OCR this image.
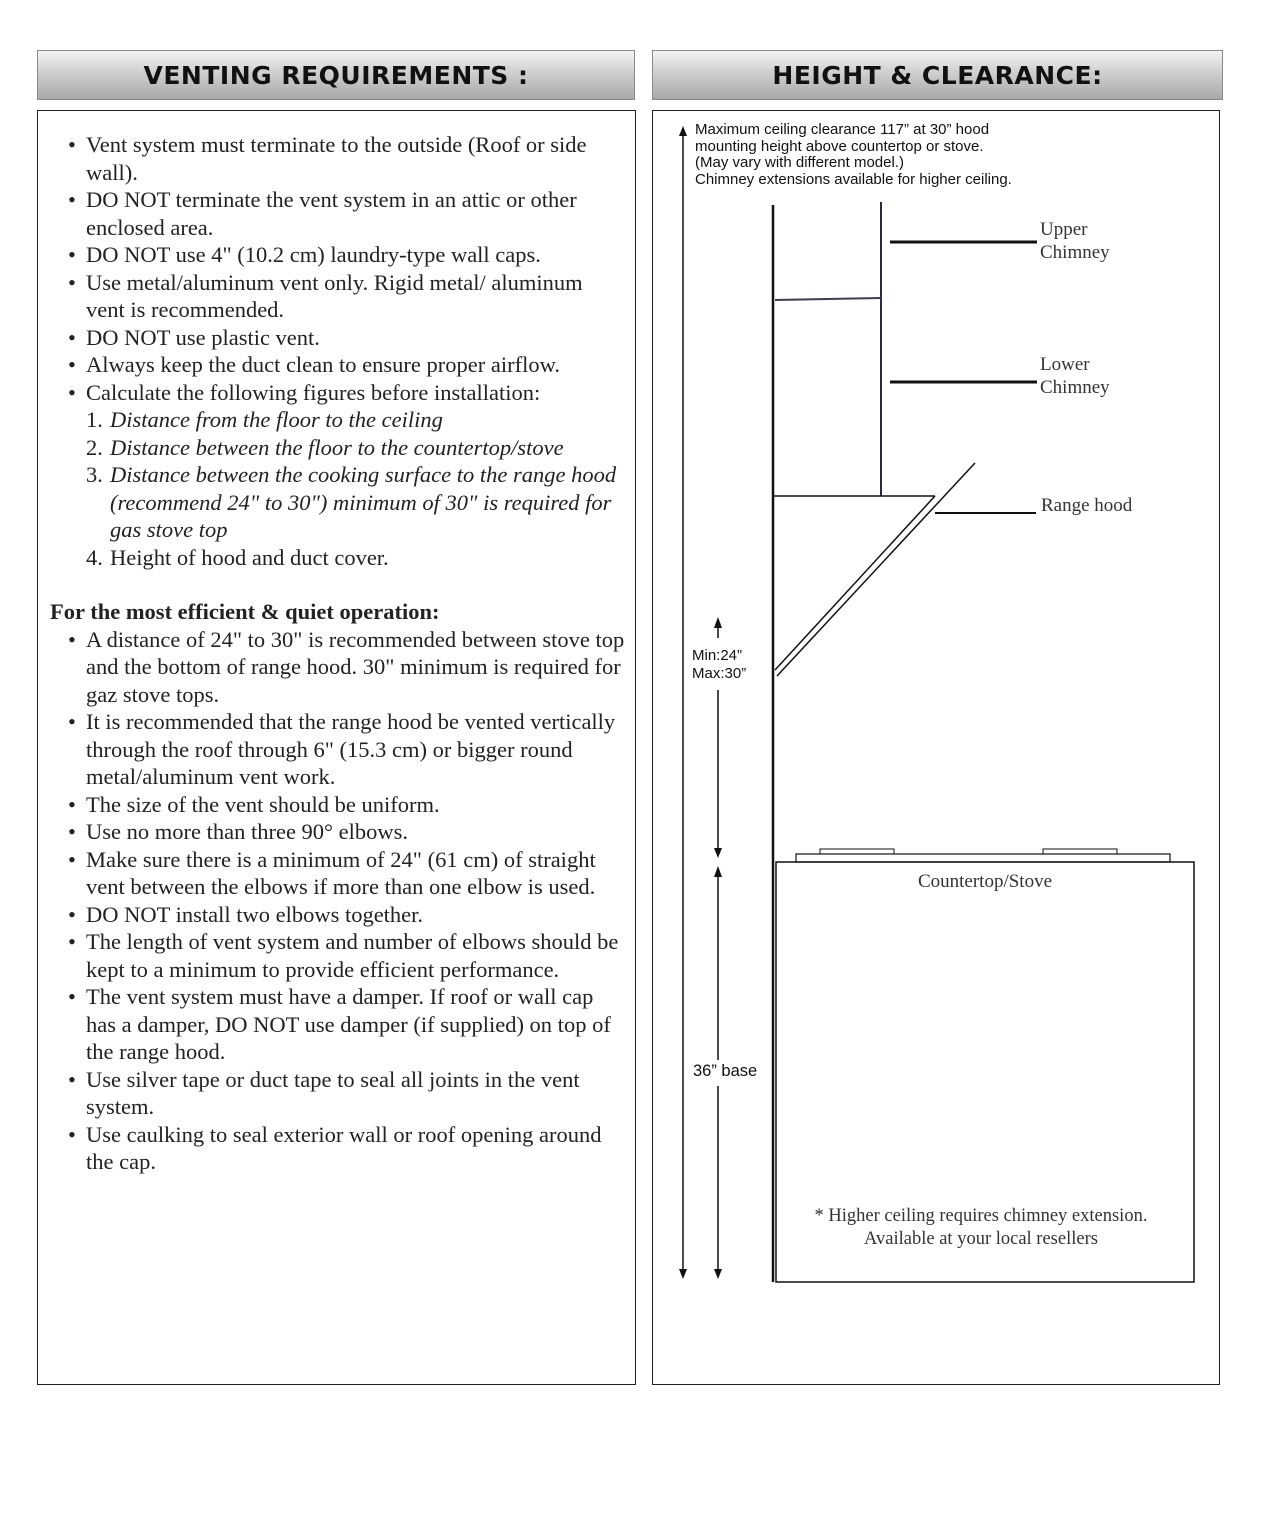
VENTING REQUIREMENTS :	HEIGHT & CLEARANCE:
• Vent system must terminate to the outside (Roof or side wall).
• DO NOT terminate the vent system in an attic or other enclosed area.
• DO NOT use 4" (10.2 cm) laundry-type wall caps.
• Use metal/aluminum vent only. Rigid metal/ aluminum vent is recommended.
• DO NOT use plastic vent.
• Always keep the duct clean to ensure proper airflow.
• Calculate the following figures before installation:
1. Distance from the floor to the ceiling
2. Distance between the floor to the countertop/stove
3. Distance between the cooking surface to the range hood (recommend 24" to 30") minimum of 30" is required for gas stove top
4. Height of hood and duct cover.
For the most efficient & quiet operation:
• A distance of 24" to 30" is recommended between stove top and the bottom of range hood. 30" minimum is required for gaz stove tops.
• It is recommended that the range hood be vented vertically through the roof through 6" (15.3 cm) or bigger round metal/aluminum vent work.
• The size of the vent should be uniform.
• Use no more than three 90° elbows.
• Make sure there is a minimum of 24" (61 cm) of straight vent between the elbows if more than one elbow is used.
• DO NOT install two elbows together.
• The length of vent system and number of elbows should be kept to a minimum to provide efficient performance.
• The vent system must have a damper. If roof or wall cap has a damper, DO NOT use damper (if supplied) on top of the range hood.
• Use silver tape or duct tape to seal all joints in the vent system.
• Use caulking to seal exterior wall or roof opening around the cap.
Maximum ceiling clearance 117” at 30” hood
mounting height above countertop or stove.
(May vary with different model.)
Chimney extensions available for higher ceiling.
Upper
Chimney
Lower
Chimney
Range hood
Min:24”
Max:30”
Countertop/Stove
36” base
* Higher ceiling requires chimney extension.
Available at your local resellers
